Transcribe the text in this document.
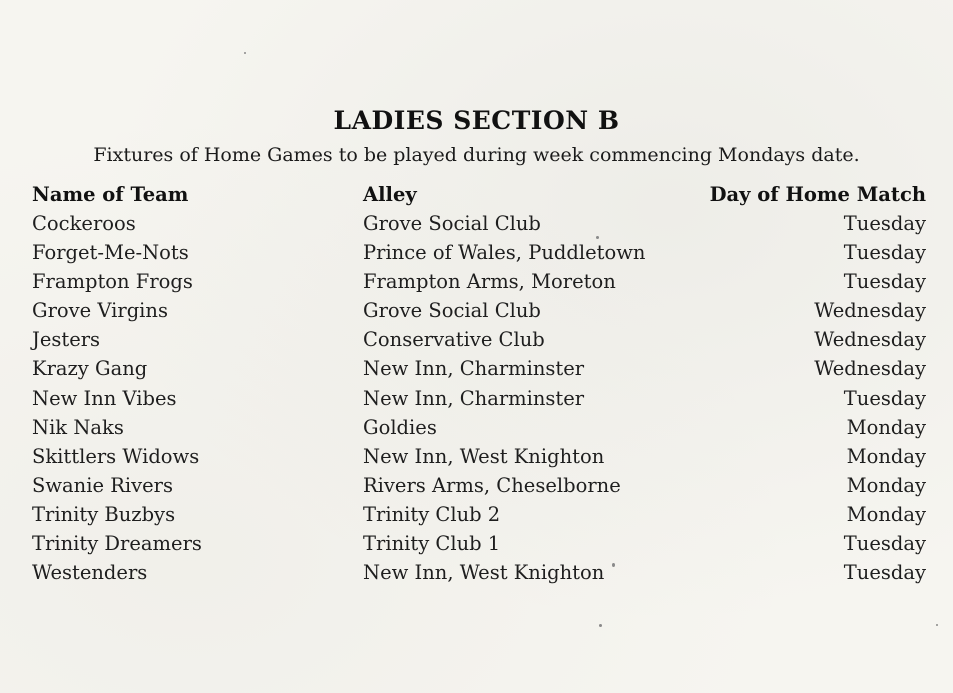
LADIES SECTION B
Fixtures of Home Games to be played during week commencing Mondays date.
Name of Team
Cockeroos
Forget-Me-Nots
Frampton Frogs
Grove Virgins
Jesters
Krazy Gang
New Inn Vibes
Nik Naks
Skittlers Widows
Swanie Rivers
Trinity Buzbys
Trinity Dreamers
Westenders
Alley
Grove Social Club
Prince of Wales, Puddletown
Frampton Arms, Moreton
Grove Social Club
Conservative Club
New Inn, Charminster
New Inn, Charminster
Goldies
New Inn, West Knighton
Rivers Arms, Cheselborne
Trinity Club 2
Trinity Club 1
New Inn, West Knighton
Day of Home Match
Tuesday
Tuesday
Tuesday
Wednesday
Wednesday
Wednesday
Tuesday
Monday
Monday
Monday
Monday
Tuesday
Tuesday
